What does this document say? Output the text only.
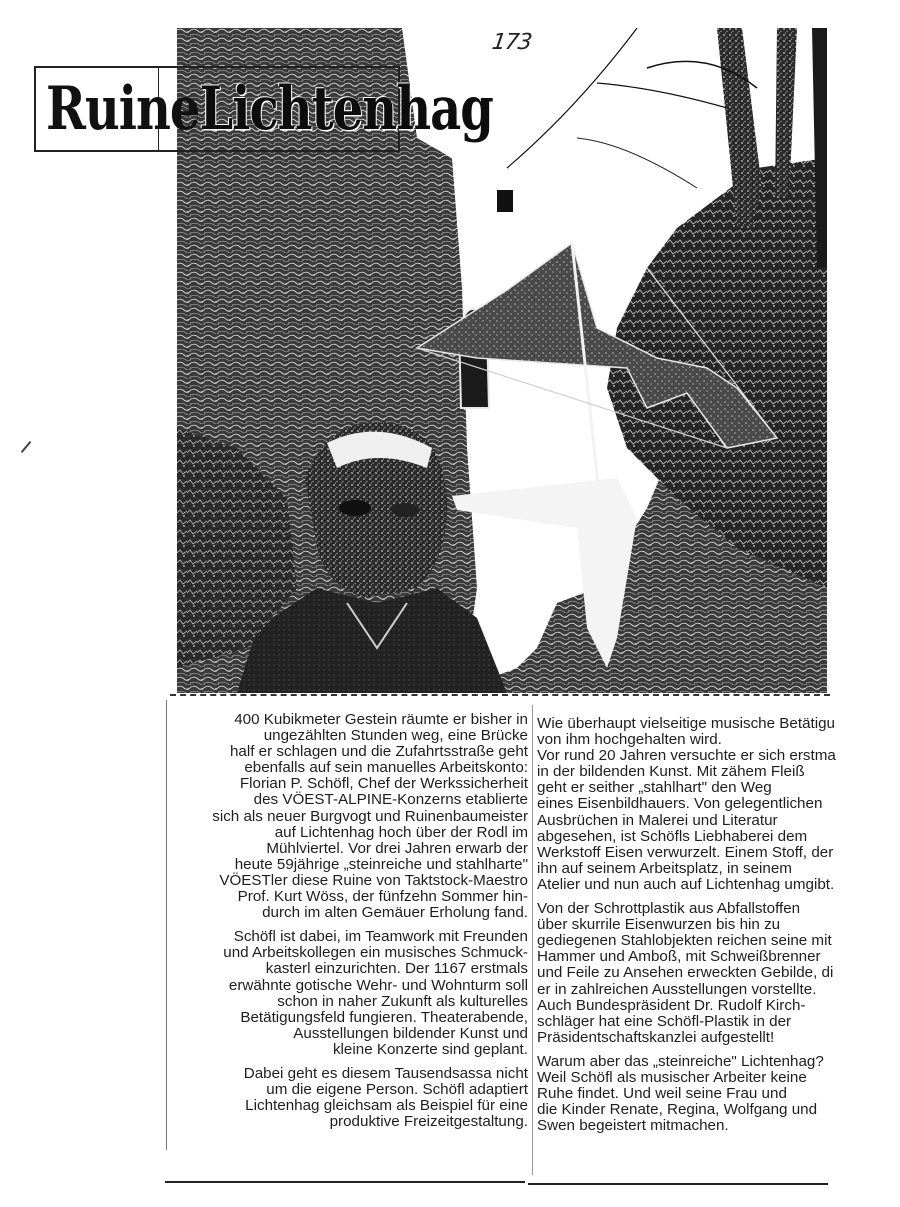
173
RuineLichtenhag
400 Kubikmeter Gestein räumte er bisher in
ungezählten Stunden weg, eine Brücke
half er schlagen und die Zufahrtsstraße geht
ebenfalls auf sein manuelles Arbeitskonto:
Florian P. Schöfl, Chef der Werkssicherheit
des VÖEST-ALPINE-Konzerns etablierte
sich als neuer Burgvogt und Ruinenbaumeister
auf Lichtenhag hoch über der Rodl im
Mühlviertel. Vor drei Jahren erwarb der
heute 59jährige „steinreiche und stahlharte"
VÖESTler diese Ruine von Taktstock-Maestro
Prof. Kurt Wöss, der fünfzehn Sommer hin-
durch im alten Gemäuer Erholung fand.
Schöfl ist dabei, im Teamwork mit Freunden
und Arbeitskollegen ein musisches Schmuck-
kasterl einzurichten. Der 1167 erstmals
erwähnte gotische Wehr- und Wohnturm soll
schon in naher Zukunft als kulturelles
Betätigungsfeld fungieren. Theaterabende,
Ausstellungen bildender Kunst und
kleine Konzerte sind geplant.
Dabei geht es diesem Tausendsassa nicht
um die eigene Person. Schöfl adaptiert
Lichtenhag gleichsam als Beispiel für eine
produktive Freizeitgestaltung.
Wie überhaupt vielseitige musische Betätigu
von ihm hochgehalten wird.
Vor rund 20 Jahren versuchte er sich erstma
in der bildenden Kunst. Mit zähem Fleiß
geht er seither „stahlhart" den Weg
eines Eisenbildhauers. Von gelegentlichen
Ausbrüchen in Malerei und Literatur
abgesehen, ist Schöfls Liebhaberei dem
Werkstoff Eisen verwurzelt. Einem Stoff, der
ihn auf seinem Arbeitsplatz, in seinem
Atelier und nun auch auf Lichtenhag umgibt.
Von der Schrottplastik aus Abfallstoffen
über skurrile Eisenwurzen bis hin zu
gediegenen Stahlobjekten reichen seine mit
Hammer und Amboß, mit Schweißbrenner
und Feile zu Ansehen erweckten Gebilde, di
er in zahlreichen Ausstellungen vorstellte.
Auch Bundespräsident Dr. Rudolf Kirch-
schläger hat eine Schöfl-Plastik in der
Präsidentschaftskanzlei aufgestellt!
Warum aber das „steinreiche" Lichtenhag?
Weil Schöfl als musischer Arbeiter keine
Ruhe findet. Und weil seine Frau und
die Kinder Renate, Regina, Wolfgang und
Swen begeistert mitmachen.
